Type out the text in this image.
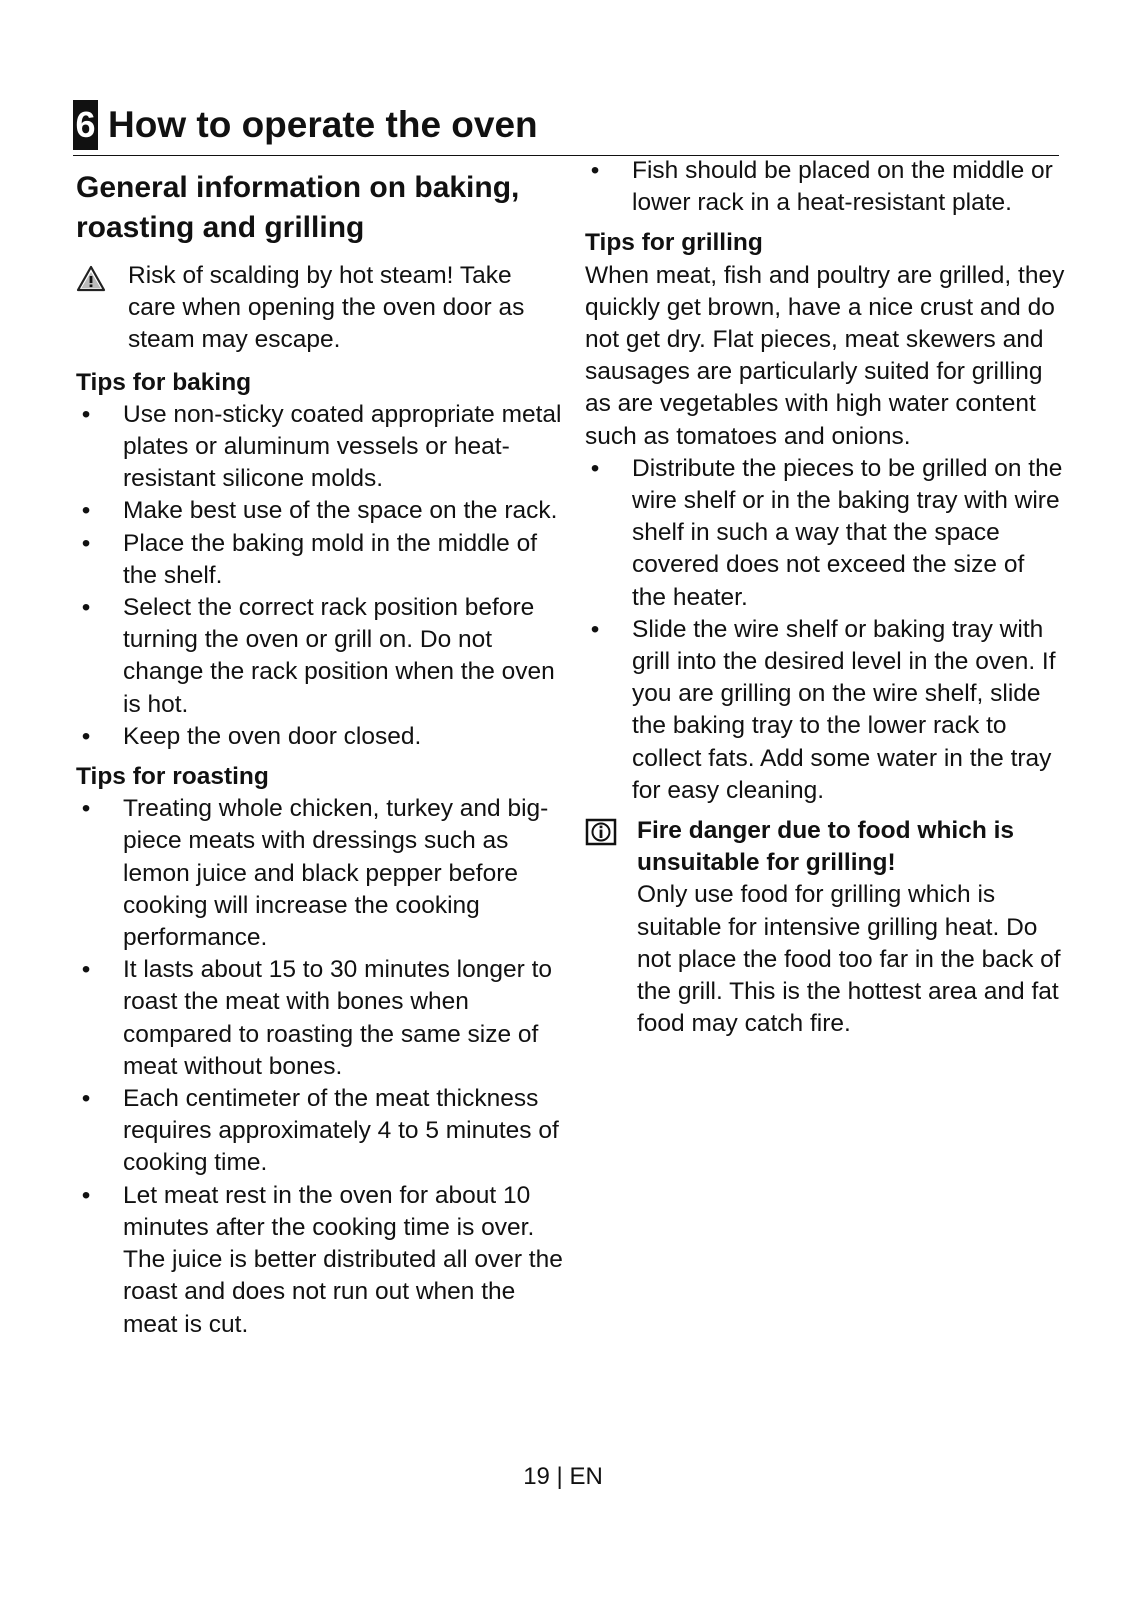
6 How to operate the oven
General information on baking, roasting and grilling
Risk of scalding by hot steam! Take care when opening the oven door as steam may escape.
Tips for baking
• Use non-sticky coated appropriate metal plates or aluminum vessels or heat-resistant silicone molds.
• Make best use of the space on the rack.
• Place the baking mold in the middle of the shelf.
• Select the correct rack position before turning the oven or grill on. Do not change the rack position when the oven is hot.
• Keep the oven door closed.
Tips for roasting
• Treating whole chicken, turkey and big-piece meats with dressings such as lemon juice and black pepper before cooking will increase the cooking performance.
• It lasts about 15 to 30 minutes longer to roast the meat with bones when compared to roasting the same size of meat without bones.
• Each centimeter of the meat thickness requires approximately 4 to 5 minutes of cooking time.
• Let meat rest in the oven for about 10 minutes after the cooking time is over. The juice is better distributed all over the roast and does not run out when the meat is cut.
• Fish should be placed on the middle or lower rack in a heat-resistant plate.
Tips for grilling
When meat, fish and poultry are grilled, they quickly get brown, have a nice crust and do not get dry. Flat pieces, meat skewers and sausages are particularly suited for grilling as are vegetables with high water content such as tomatoes and onions.
• Distribute the pieces to be grilled on the wire shelf or in the baking tray with wire shelf in such a way that the space covered does not exceed the size of the heater.
• Slide the wire shelf or baking tray with grill into the desired level in the oven. If you are grilling on the wire shelf, slide the baking tray to the lower rack to collect fats. Add some water in the tray for easy cleaning.
Fire danger due to food which is unsuitable for grilling!
Only use food for grilling which is suitable for intensive grilling heat. Do not place the food too far in the back of the grill. This is the hottest area and fat food may catch fire.
19 | EN
